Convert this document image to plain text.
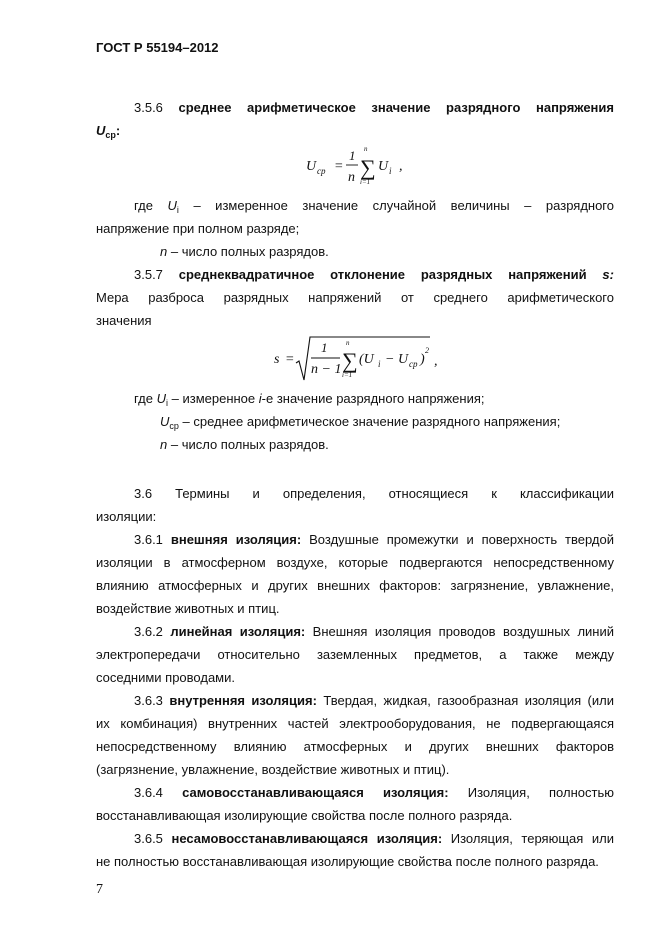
ГОСТ Р 55194–2012
3.5.6 среднее арифметическое значение разрядного напряжения
$U_{ср}$:
U cp =
1
n
n
∑
i=1
U i ,
где $U_i$ – измеренное значение случайной величины – разрядного
напряжение при полном разряде;
n – число полных разрядов.
3.5.7 среднеквадратичное отклонение разрядных напряжений s:
Мера разброса разрядных напряжений от среднего арифметического
значения
s =
1
n − 1
n
∑
i=1
(U i − U cp )
2
,
где $U_i$ – измеренное i-е значение разрядного напряжения;
$U_{ср}$ – среднее арифметическое значение разрядного напряжения;
n – число полных разрядов.
3.6 Термины и определения, относящиеся к классификации
изоляции:
3.6.1 внешняя изоляция: Воздушные промежутки и поверхность твердой
изоляции в атмосферном воздухе, которые подвергаются непосредственному
влиянию атмосферных и других внешних факторов: загрязнение, увлажнение,
воздействие животных и птиц.
3.6.2 линейная изоляция: Внешняя изоляция проводов воздушных линий
электропередачи относительно заземленных предметов, а также между
соседними проводами.
3.6.3 внутренняя изоляция: Твердая, жидкая, газообразная изоляция (или
их комбинация) внутренних частей электрооборудования, не подвергающаяся
непосредственному влиянию атмосферных и других внешних факторов
(загрязнение, увлажнение, воздействие животных и птиц).
3.6.4 самовосстанавливающаяся изоляция: Изоляция, полностью
восстанавливающая изолирующие свойства после полного разряда.
3.6.5 несамовосстанавливающаяся изоляция: Изоляция, теряющая или
не полностью восстанавливающая изолирующие свойства после полного разряда.
7
